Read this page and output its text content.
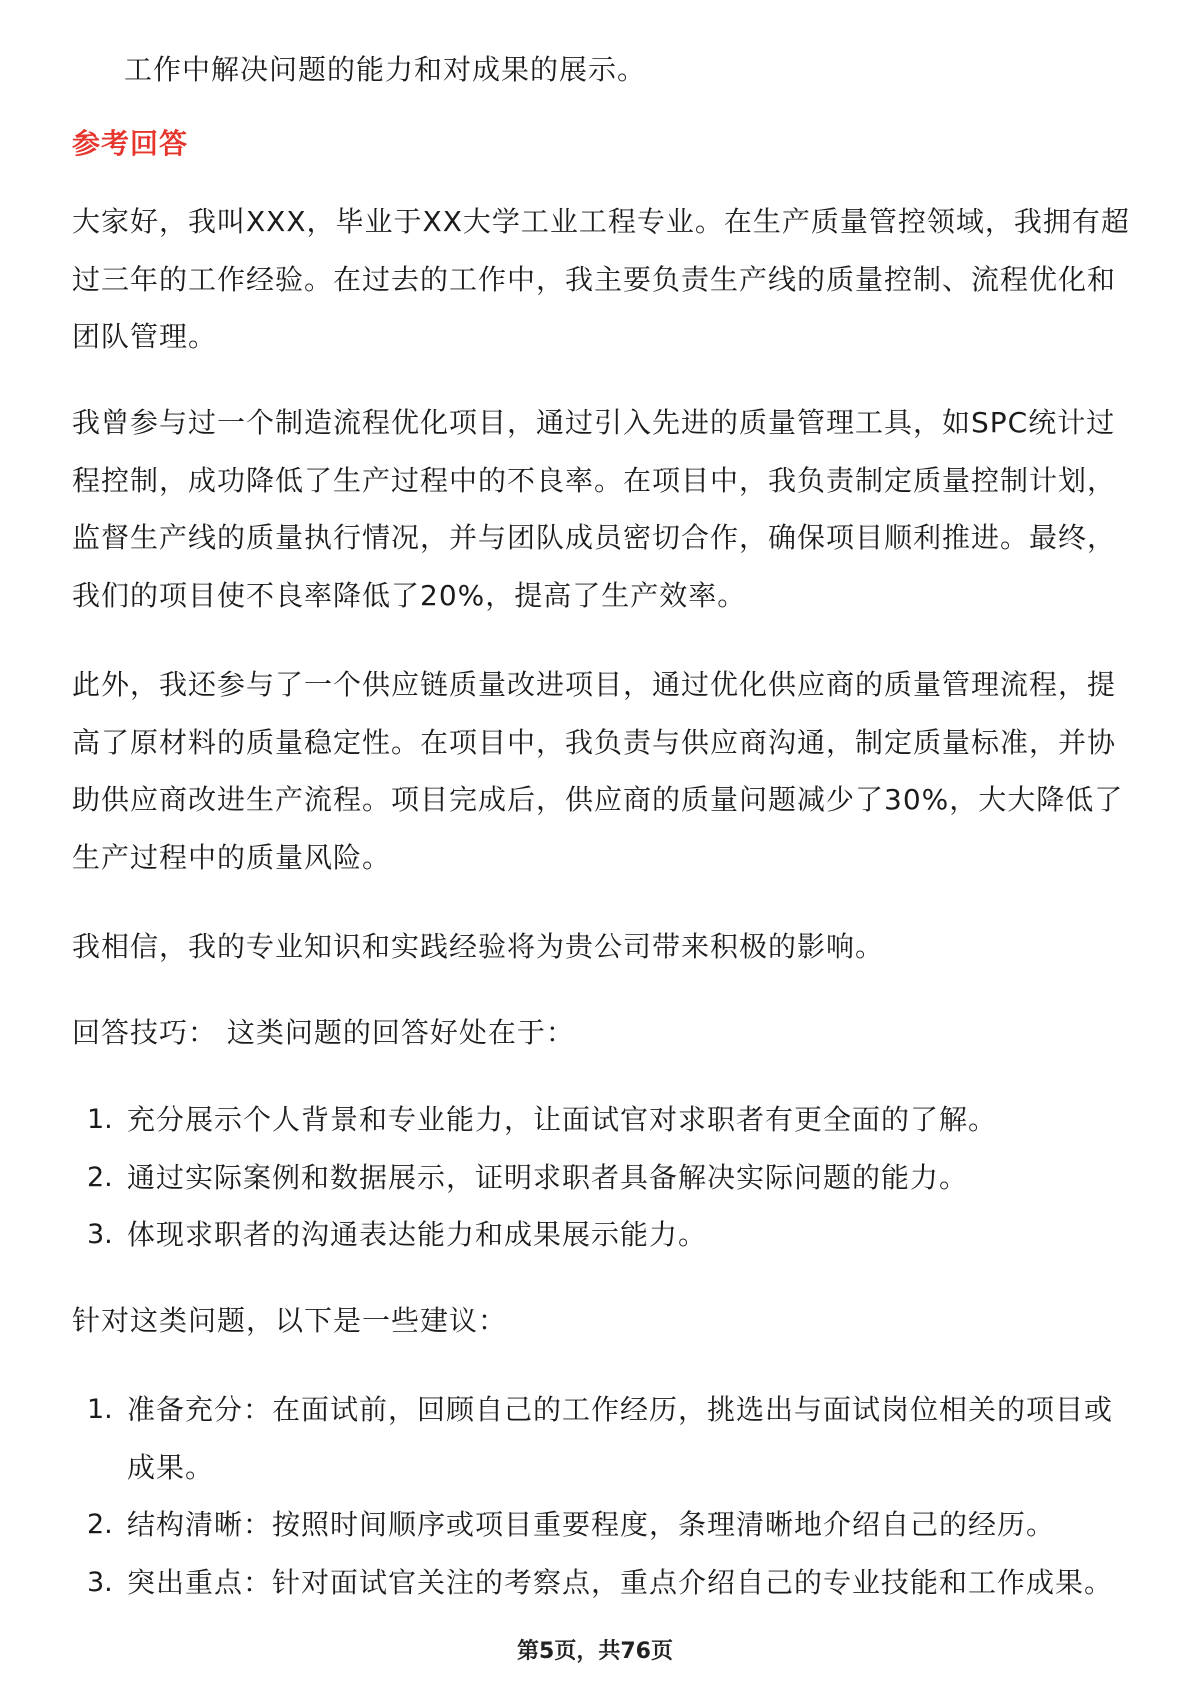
工作中解决问题的能力和对成果的展示。
参考回答
大家好，我叫XXX，毕业于XX大学工业工程专业。在生产质量管控领域，我拥有超
过三年的工作经验。在过去的工作中，我主要负责生产线的质量控制、流程优化和
团队管理。
我曾参与过一个制造流程优化项目，通过引入先进的质量管理工具，如SPC统计过
程控制，成功降低了生产过程中的不良率。在项目中，我负责制定质量控制计划，
监督生产线的质量执行情况，并与团队成员密切合作，确保项目顺利推进。最终，
我们的项目使不良率降低了20%，提高了生产效率。
此外，我还参与了一个供应链质量改进项目，通过优化供应商的质量管理流程，提
高了原材料的质量稳定性。在项目中，我负责与供应商沟通，制定质量标准，并协
助供应商改进生产流程。项目完成后，供应商的质量问题减少了30%，大大降低了
生产过程中的质量风险。
我相信，我的专业知识和实践经验将为贵公司带来积极的影响。
回答技巧： 这类问题的回答好处在于：
1. 充分展示个人背景和专业能力，让面试官对求职者有更全面的了解。
2. 通过实际案例和数据展示，证明求职者具备解决实际问题的能力。
3. 体现求职者的沟通表达能力和成果展示能力。
针对这类问题，以下是一些建议：
1. 准备充分：在面试前，回顾自己的工作经历，挑选出与面试岗位相关的项目或
成果。
2. 结构清晰：按照时间顺序或项目重要程度，条理清晰地介绍自己的经历。
3. 突出重点：针对面试官关注的考察点，重点介绍自己的专业技能和工作成果。
第5页，共76页
